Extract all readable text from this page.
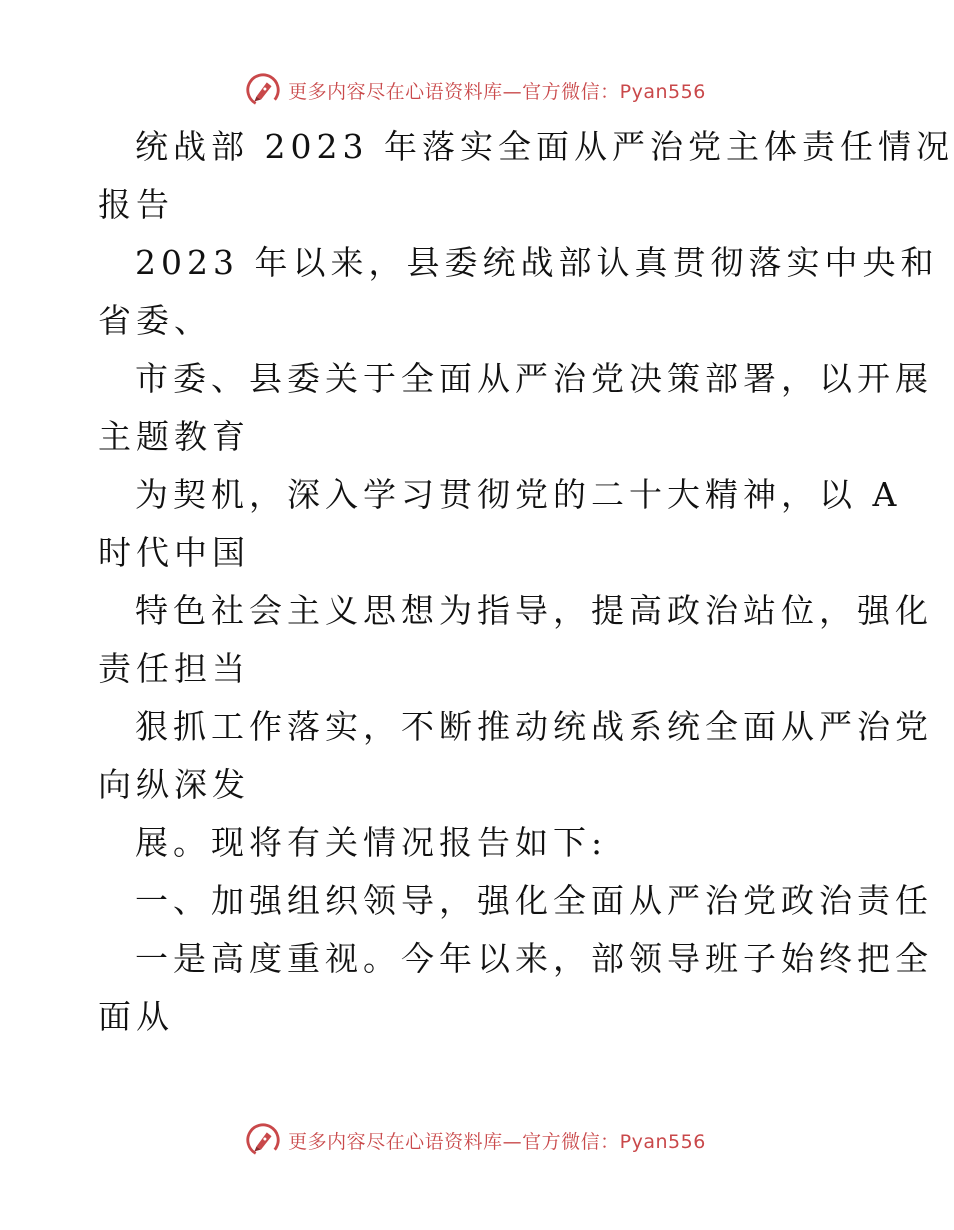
更多内容尽在心语资料库—官方微信：Pyan556
统战部 2023 年落实全面从严治党主体责任情况
报告
2023 年以来，县委统战部认真贯彻落实中央和
省委、
市委、县委关于全面从严治党决策部署，以开展
主题教育
为契机，深入学习贯彻党的二十大精神，以 A
时代中国
特色社会主义思想为指导，提高政治站位，强化
责任担当
狠抓工作落实，不断推动统战系统全面从严治党
向纵深发
展。现将有关情况报告如下:
一、加强组织领导，强化全面从严治党政治责任
一是高度重视。今年以来，部领导班子始终把全
面从
更多内容尽在心语资料库—官方微信：Pyan556
